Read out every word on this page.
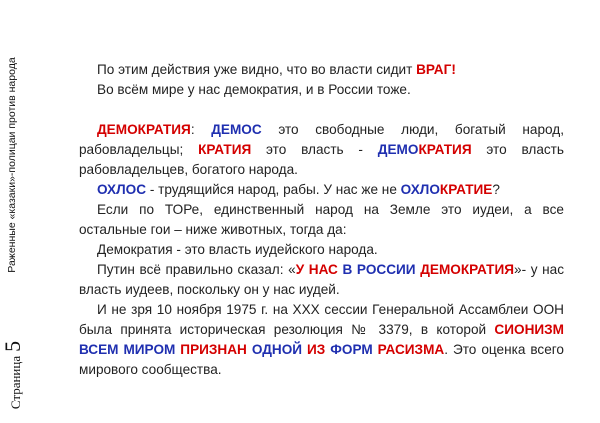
Раженные «казаки»-полицаи против народа
Страница5

По этим действия уже видно, что во власти сидит ВРАГ!

Во всём мире у нас демократия, и в России тоже.

ДЕМОКРАТИЯ: ДЕМОС это свободные люди, богатый народ, рабовладельцы; КРАТИЯ это власть - ДЕМОКРАТИЯ это власть рабовладельцев, богатого народа.

ОХЛОС - трудящийся народ, рабы. У нас же не ОХЛОКРАТИЕ?

Если по ТОРе, единственный народ на Земле это иудеи, а все остальные гои – ниже животных, тогда да:

Демократия - это власть иудейского народа.

Путин всё правильно сказал: «У НАС В РОССИИ ДЕМОКРАТИЯ»- у нас власть иудеев, поскольку он у нас иудей.

И не зря 10 ноября 1975 г. на XXX сессии Генеральной Ассамблеи ООН была принята историческая резолюция № 3379, в которой СИОНИЗМ ВСЕМ МИРОМ ПРИЗНАН ОДНОЙ ИЗ ФОРМ РАСИЗМА. Это оценка всего мирового сообщества.
